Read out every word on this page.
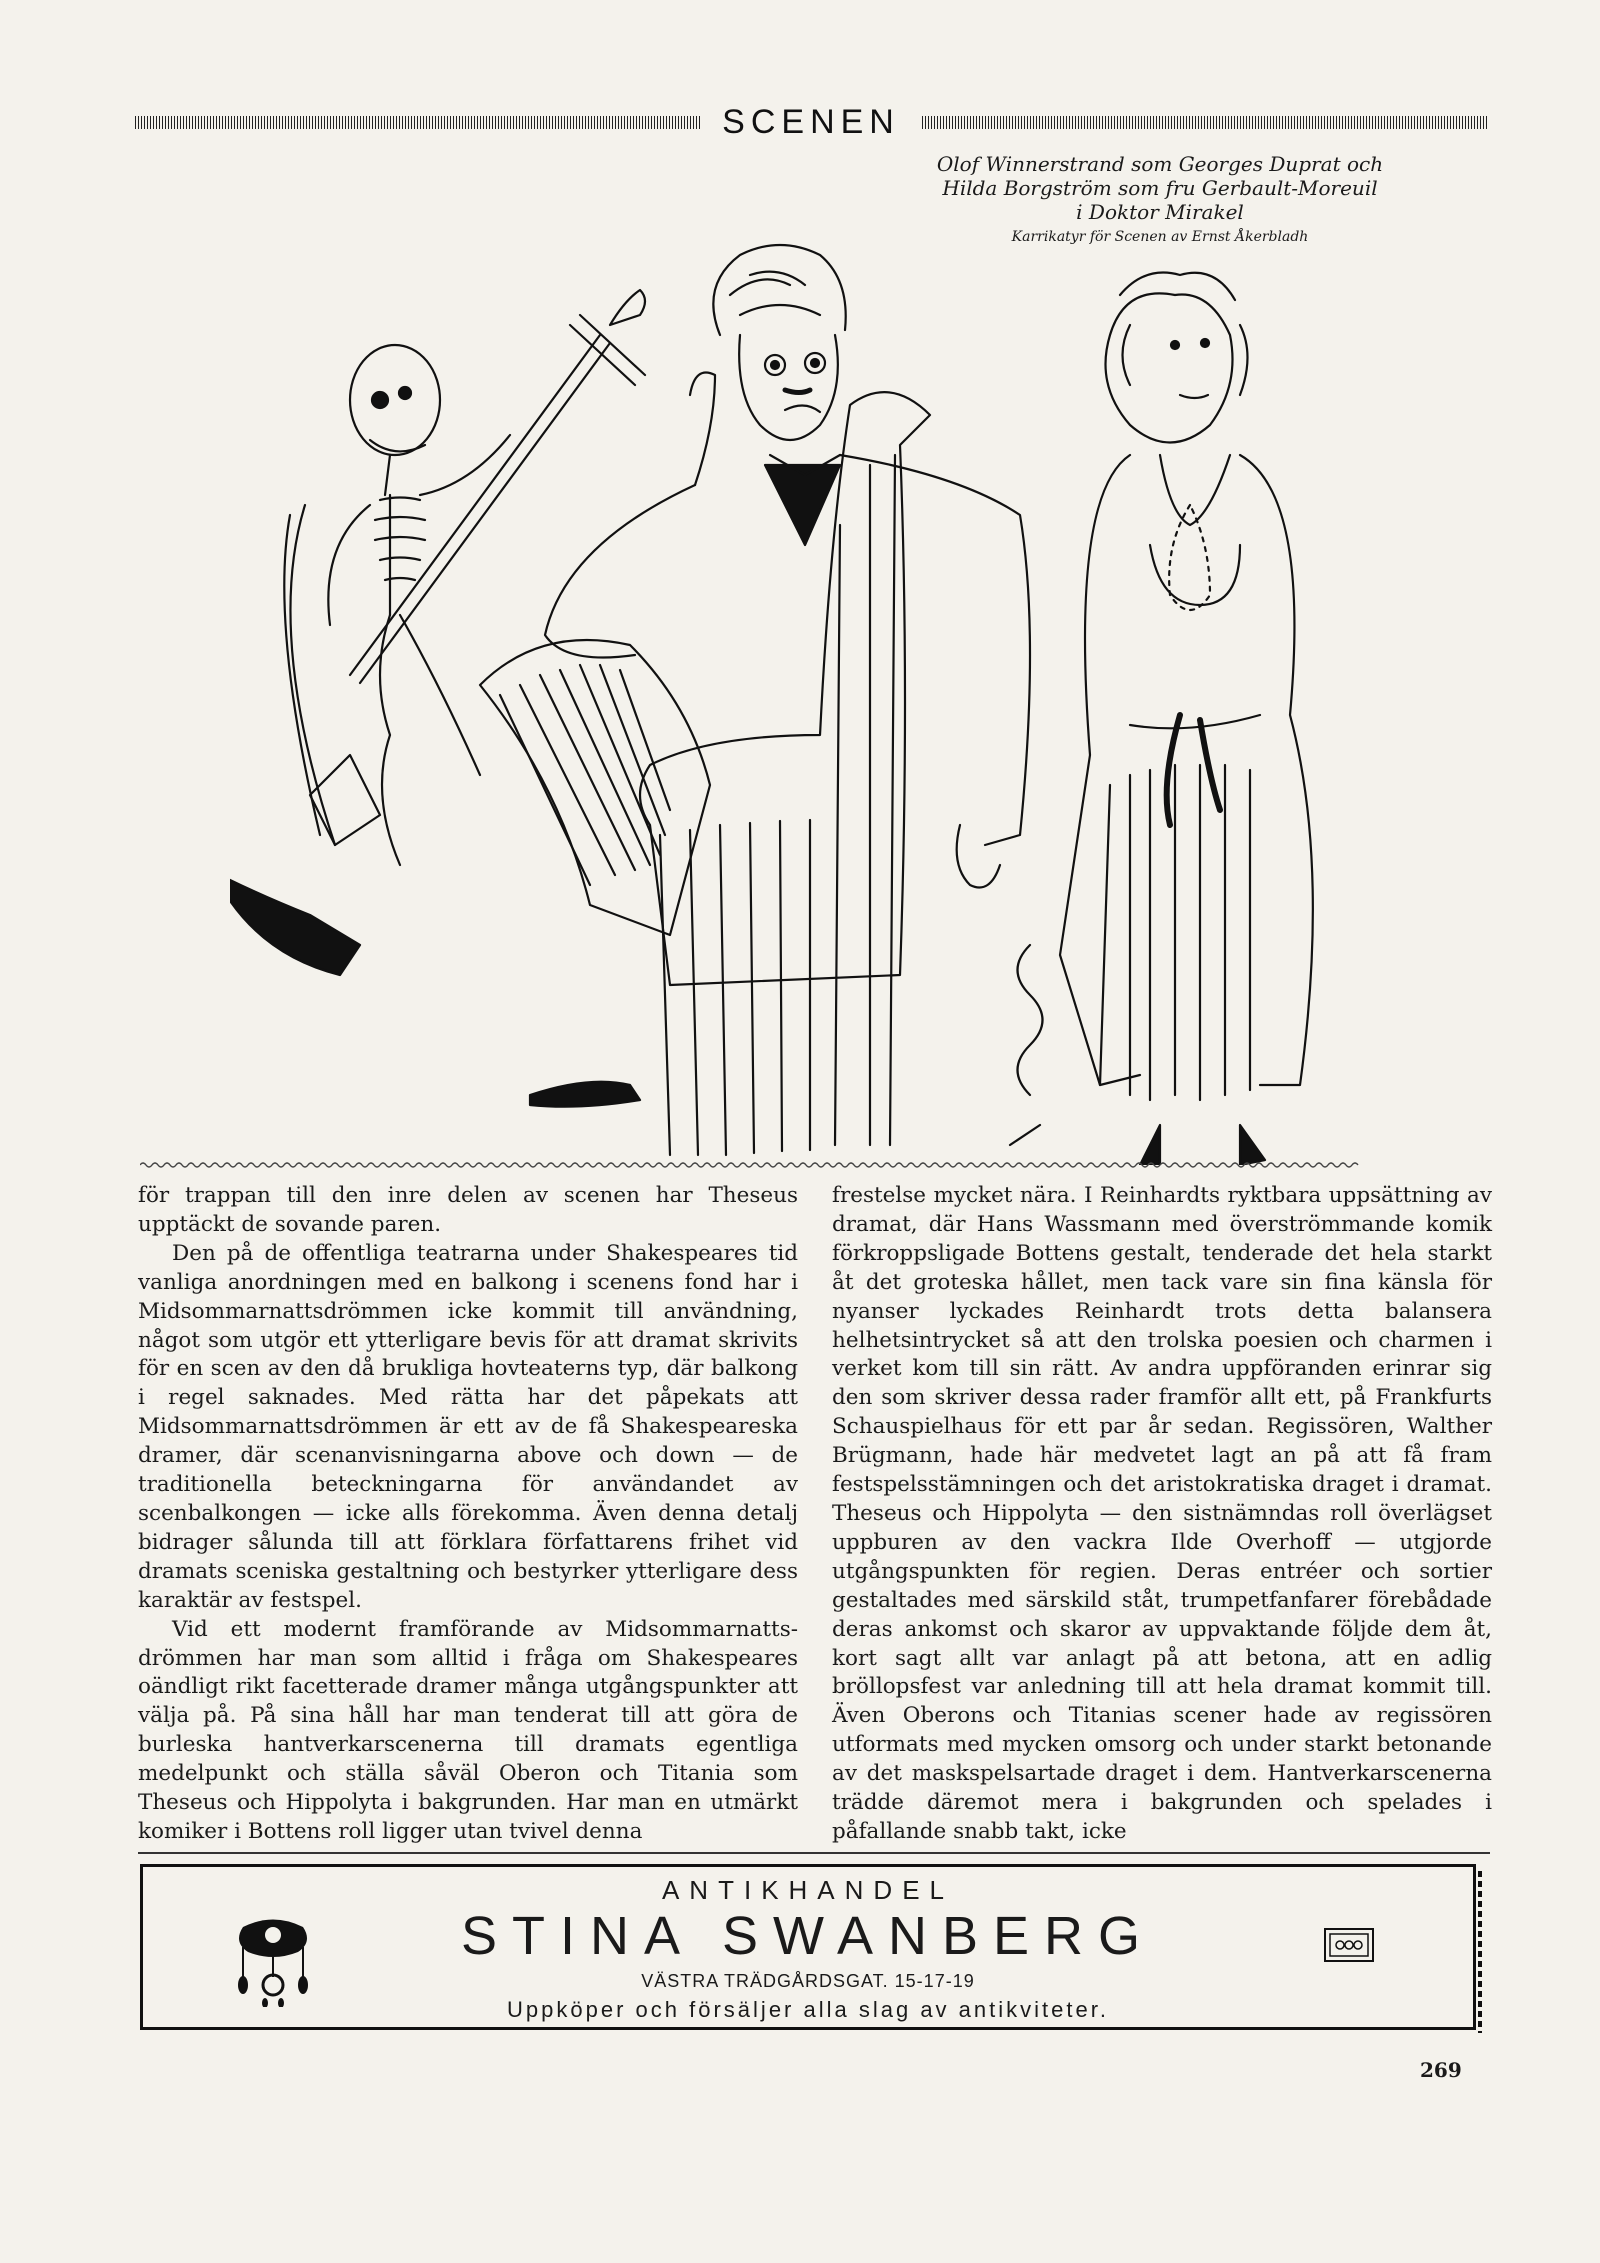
SCENEN
Olof Winnerstrand som Georges Duprat och
Hilda Borgström som fru Gerbault-Moreuil
i Doktor Mirakel
Karrikatyr för Scenen av Ernst Åkerbladh

för trappan till den inre delen av scenen har Theseus upptäckt de sovande paren.

Den på de offentliga teatrarna under Shakespeares tid vanliga anordningen med en balkong i scenens fond har i Midsommarnattsdrömmen icke kommit till användning, något som utgör ett ytterligare bevis för att dramat skrivits för en scen av den då brukliga hovteaterns typ, där balkong i regel saknades. Med rätta har det påpekats att Midsommarnattsdrömmen är ett av de få Shakespeareska dramer, där scenanvisningarna above och down — de traditionella beteckningarna för användandet av scenbalkongen — icke alls förekomma. Även denna detalj bidrager sålunda till att förklara författarens frihet vid dramats sceniska gestaltning och bestyrker ytterligare dess karaktär av festspel.

Vid ett modernt framförande av Midsommarnattsdrömmen har man som alltid i fråga om Shakespeares oändligt rikt facetterade dramer många utgångspunkter att välja på. På sina håll har man tenderat till att göra de burleska hantverkarscenerna till dramats egentliga medelpunkt och ställa såväl Oberon och Titania som Theseus och Hippolyta i bakgrunden. Har man en utmärkt komiker i Bottens roll ligger utan tvivel denna

frestelse mycket nära. I Reinhardts ryktbara uppsättning av dramat, där Hans Wassmann med överströmmande komik förkroppsligade Bottens gestalt, tenderade det hela starkt åt det groteska hållet, men tack vare sin fina känsla för nyanser lyckades Reinhardt trots detta balansera helhetsintrycket så att den trolska poesien och charmen i verket kom till sin rätt. Av andra uppföranden erinrar sig den som skriver dessa rader framför allt ett, på Frankfurts Schauspielhaus för ett par år sedan. Regissören, Walther Brügmann, hade här medvetet lagt an på att få fram festspelsstämningen och det aristokratiska draget i dramat. Theseus och Hippolyta — den sistnämndas roll överlägset uppburen av den vackra Ilde Overhoff — utgjorde utgångspunkten för regien. Deras entréer och sortier gestaltades med särskild ståt, trumpetfanfarer förebådade deras ankomst och skaror av uppvaktande följde dem åt, kort sagt allt var anlagt på att betona, att en adlig bröllopsfest var anledning till att hela dramat kommit till. Även Oberons och Titanias scener hade av regissören utformats med mycken omsorg och under starkt betonande av det maskspelsartade draget i dem. Hantverkarscenerna trädde däremot mera i bakgrunden och spelades i påfallande snabb takt, icke

ANTIKHANDEL
STINA SWANBERG
VÄSTRA TRÄDGÅRDSGAT. 15-17-19
Uppköper och försäljer alla slag av antikviteter.
269
